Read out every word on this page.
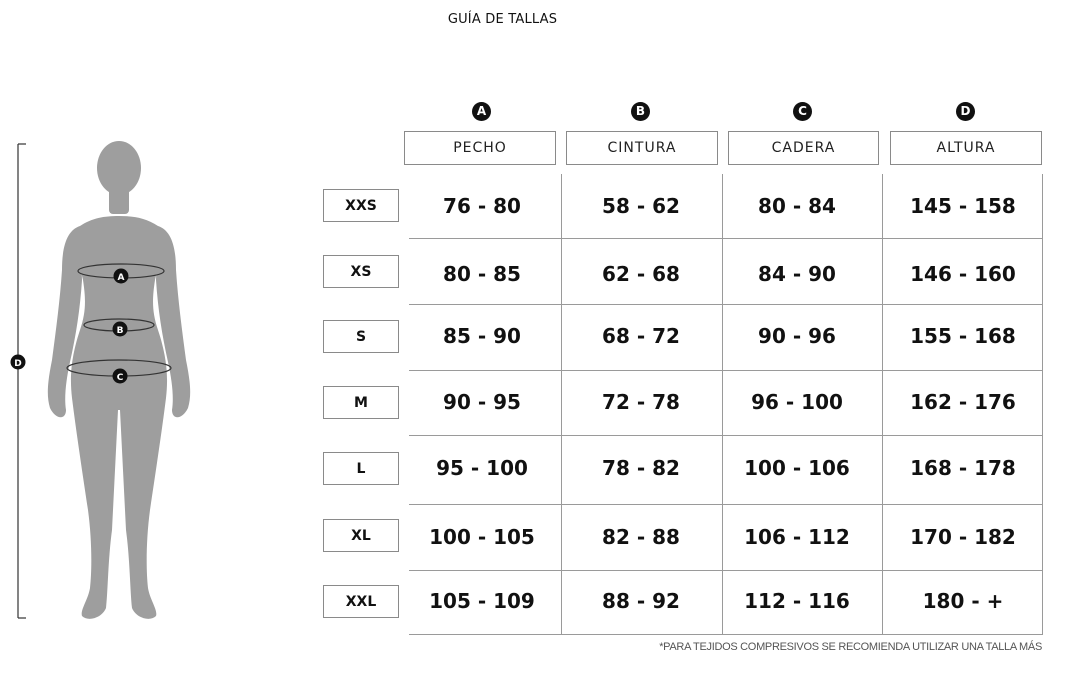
GUÍA DE TALLAS
A
B
C
D
A	B	C	D
PECHO	CINTURA	CADERA	ALTURA
XXS	76 - 80	58 - 62	80 - 84	145 - 158
XS	80 - 85	62 - 68	84 - 90	146 - 160
S	85 - 90	68 - 72	90 - 96	155 - 168
M	90 - 95	72 - 78	96 - 100	162 - 176
L	95 - 100	78 - 82	100 - 106	168 - 178
XL	100 - 105	82 - 88	106 - 112	170 - 182
XXL	105 - 109	88 - 92	112 - 116	180 - +
*PARA TEJIDOS COMPRESIVOS SE RECOMIENDA UTILIZAR UNA TALLA MÁS
